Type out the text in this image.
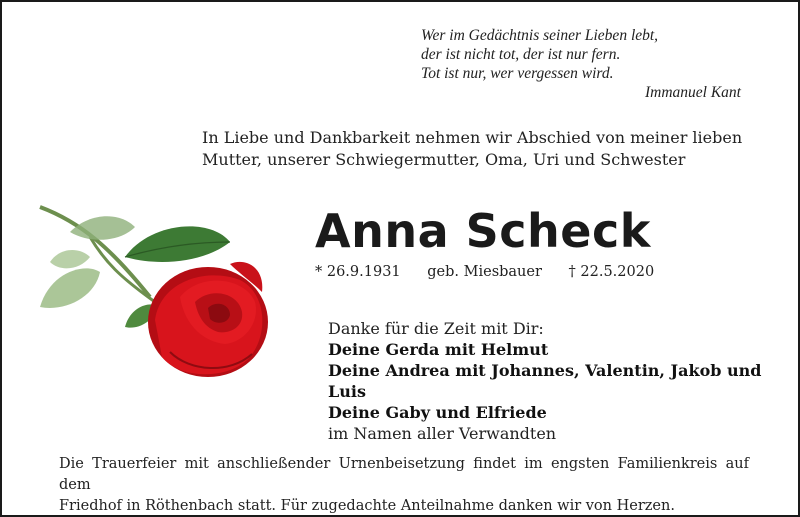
Wer im Gedächtnis seiner Lieben lebt,
der ist nicht tot, der ist nur fern.
Tot ist nur, wer vergessen wird.
Immanuel Kant
In Liebe und Dankbarkeit nehmen wir Abschied von meiner lieben
Mutter, unserer Schwiegermutter, Oma, Uri und Schwester
Anna Scheck
* 26.9.1931 geb. Miesbauer † 22.5.2020
Danke für die Zeit mit Dir:
Deine Gerda mit Helmut
Deine Andrea mit Johannes, Valentin, Jakob und Luis
Deine Gaby und Elfriede
im Namen aller Verwandten
Die Trauerfeier mit anschließender Urnenbeisetzung findet im engsten Familienkreis auf dem
Friedhof in Röthenbach statt. Für zugedachte Anteilnahme danken wir von Herzen.
